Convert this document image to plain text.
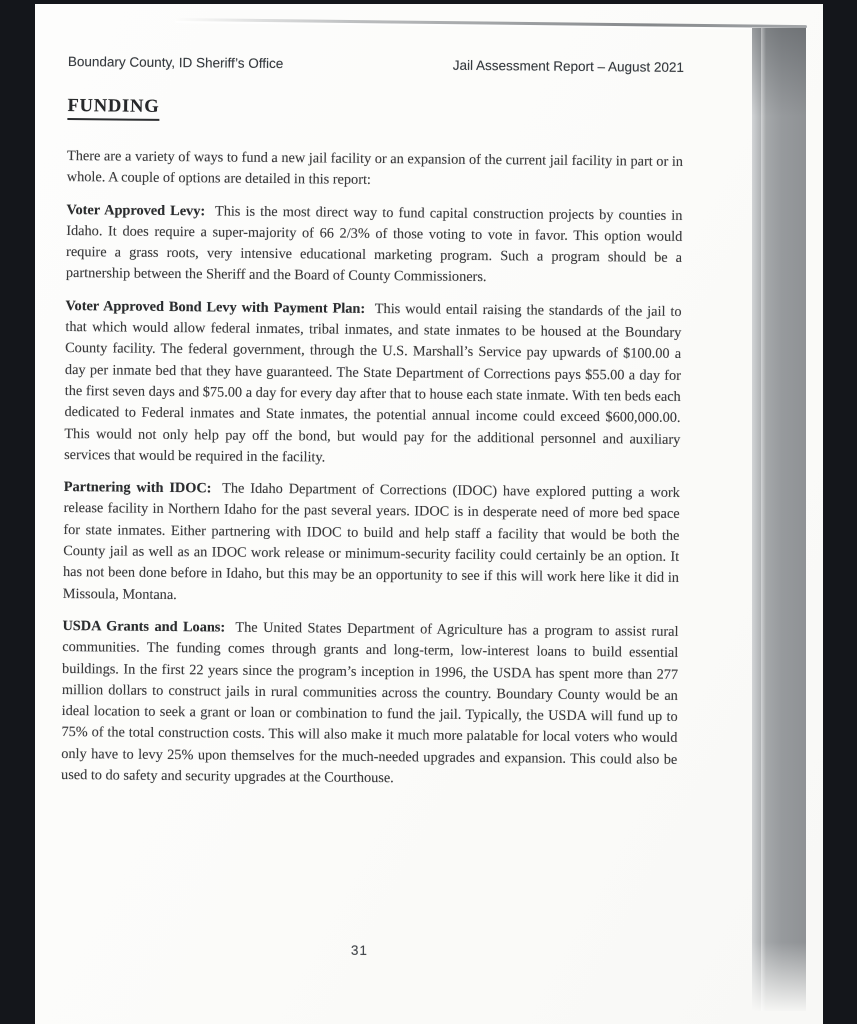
Boundary County, ID Sheriff’s Office	Jail Assessment Report – August 2021
FUNDING

There are a variety of ways to fund a new jail facility or an expansion of the current jail facility in part or in whole. A couple of options are detailed in this report:

Voter Approved Levy: This is the most direct way to fund capital construction projects by counties in Idaho. It does require a super-majority of 66 2/3% of those voting to vote in favor. This option would require a grass roots, very intensive educational marketing program. Such a program should be a partnership between the Sheriff and the Board of County Commissioners.

Voter Approved Bond Levy with Payment Plan: This would entail raising the standards of the jail to that which would allow federal inmates, tribal inmates, and state inmates to be housed at the Boundary County facility. The federal government, through the U.S. Marshall’s Service pay upwards of $100.00 a day per inmate bed that they have guaranteed. The State Department of Corrections pays $55.00 a day for the first seven days and $75.00 a day for every day after that to house each state inmate. With ten beds each dedicated to Federal inmates and State inmates, the potential annual income could exceed $600,000.00. This would not only help pay off the bond, but would pay for the additional personnel and auxiliary services that would be required in the facility.

Partnering with IDOC: The Idaho Department of Corrections (IDOC) have explored putting a work release facility in Northern Idaho for the past several years. IDOC is in desperate need of more bed space for state inmates. Either partnering with IDOC to build and help staff a facility that would be both the County jail as well as an IDOC work release or minimum-security facility could certainly be an option. It has not been done before in Idaho, but this may be an opportunity to see if this will work here like it did in Missoula, Montana.

USDA Grants and Loans: The United States Department of Agriculture has a program to assist rural communities. The funding comes through grants and long-term, low-interest loans to build essential buildings. In the first 22 years since the program’s inception in 1996, the USDA has spent more than 277 million dollars to construct jails in rural communities across the country. Boundary County would be an ideal location to seek a grant or loan or combination to fund the jail. Typically, the USDA will fund up to 75% of the total construction costs. This will also make it much more palatable for local voters who would only have to levy 25% upon themselves for the much-needed upgrades and expansion. This could also be used to do safety and security upgrades at the Courthouse.

31
